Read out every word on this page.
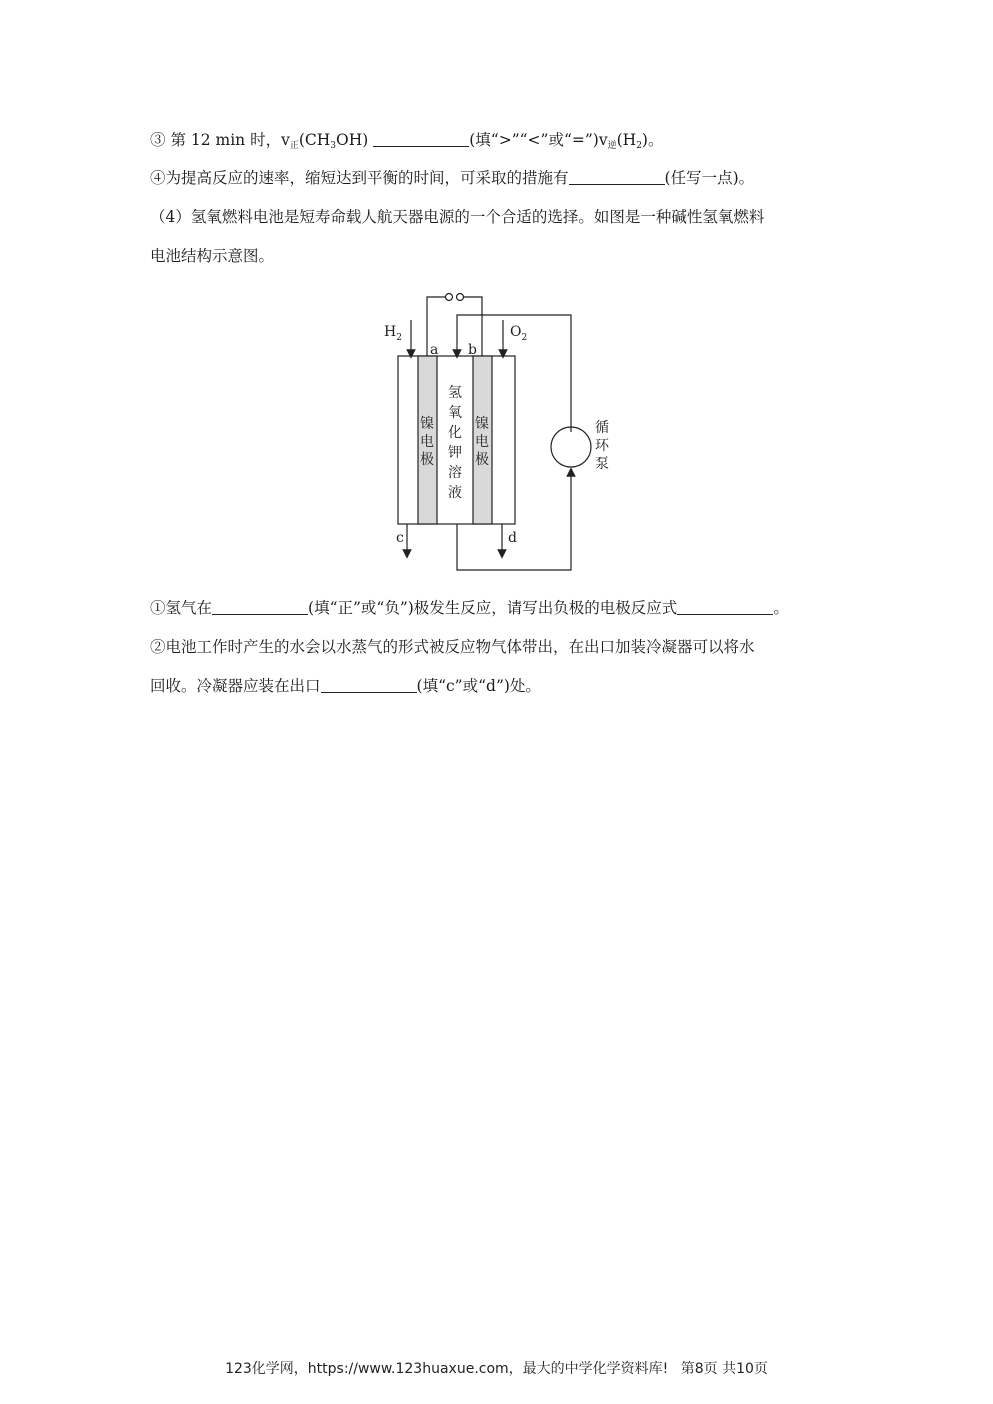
③ 第 12 min 时，$v_正(CH_3OH)$	(填“>”“<”或“$=”)v_逆(H_2)$。
④为提高反应的速率，缩短达到平衡的时间，可采取的措施有	(任写一点)。
（4）氢氧燃料电池是短寿命载人航天器电源的一个合适的选择。如图是一种碱性氢氧燃料
电池结构示意图。
$H_2$	$O_2$
a b
c	d
镍
电
极
镍
电
极
氢
氧
化
钾
溶
液
循
环
泵
①氢气在	(填“正”或“负”)极发生反应，请写出负极的电极反应式	。
②电池工作时产生的水会以水蒸气的形式被反应物气体带出，在出口加装冷凝器可以将水
回收。冷凝器应装在出口	(填“c”或“d”)处。
123化学网，https://www.123huaxue.com，最大的中学化学资料库! 第8页 共10页
